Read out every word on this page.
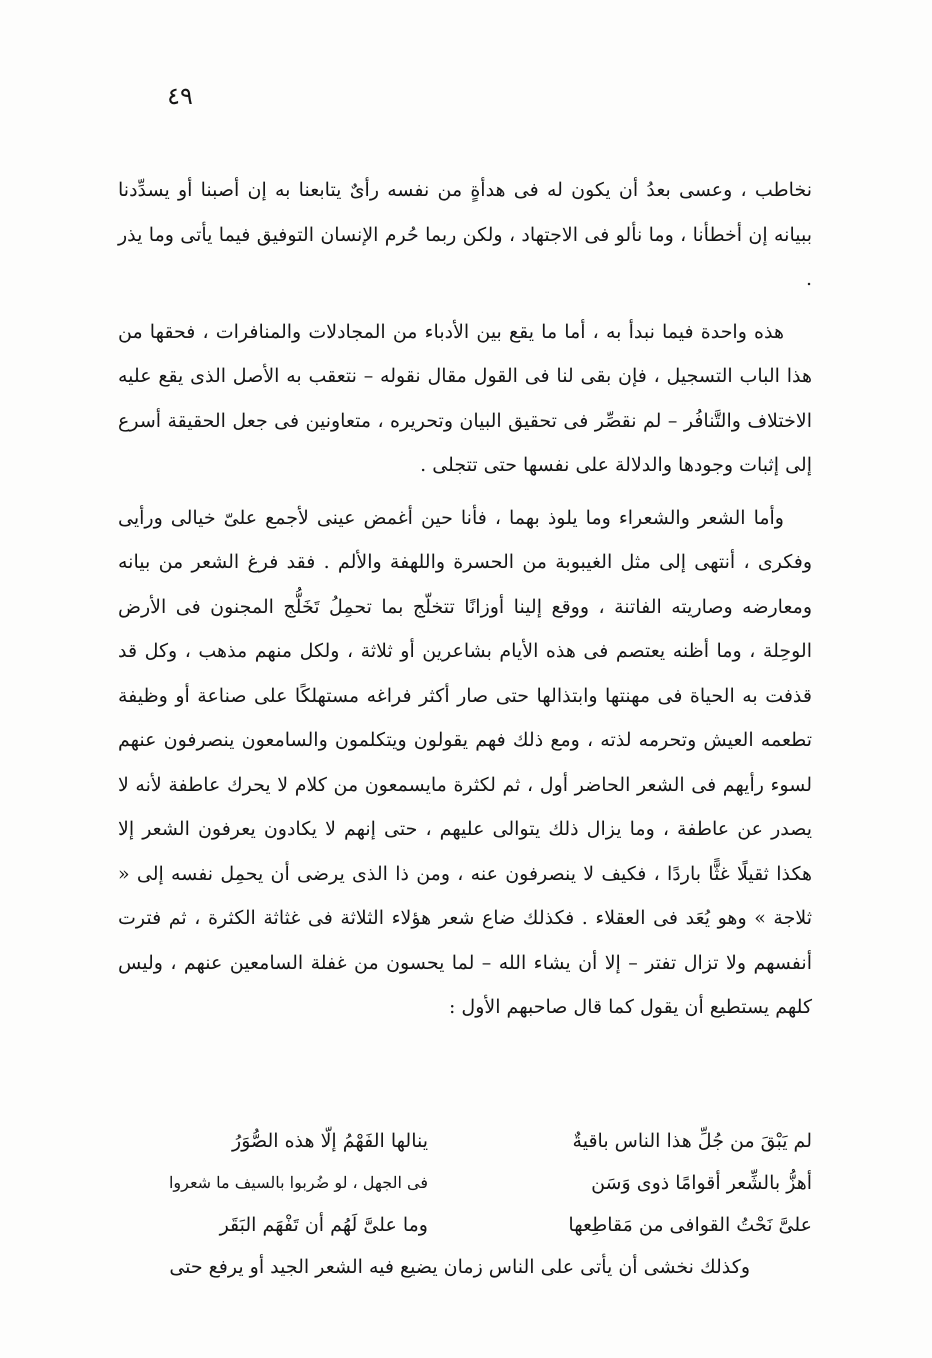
٤٩

نخاطب ، وعسى بعدُ أن يكون له فى هدأةٍ من نفسه رأىٌ يتابعنا به إن أصبنا أو يسدِّدنا ببيانه إن أخطأنا ، وما نألو فى الاجتهاد ، ولكن ربما حُرم الإنسان التوفيق فيما يأتى وما يذر .

هذه واحدة فيما نبدأ به ، أما ما يقع بين الأدباء من المجادلات والمنافرات ، فحقها من هذا الباب التسجيل ، فإن بقى لنا فى القول مقال نقوله – نتعقب به الأصل الذى يقع عليه الاختلاف والتَّنافُر – لم نقصِّر فى تحقيق البيان وتحريره ، متعاونين فى جعل الحقيقة أسرع إلى إثبات وجودها والدلالة على نفسها حتى تتجلى .

وأما الشعر والشعراء وما يلوذ بهما ، فأنا حين أغمض عينى لأجمع علىّ خيالى ورأيى وفكرى ، أنتهى إلى مثل الغيبوبة من الحسرة واللهفة والألم . فقد فرغ الشعر من بيانه ومعارضه وصاريته الفاتنة ، ووقع إلينا أوزانًا تتخلّج بما تحمِلُ تَخَلُّج المجنون فى الأرض الوحِلة ، وما أظنه يعتصم فى هذه الأيام بشاعرين أو ثلاثة ، ولكل منهم مذهب ، وكل قد قذفت به الحياة فى مهنتها وابتذالها حتى صار أكثر فراغه مستهلكًا على صناعة أو وظيفة تطعمه العيش وتحرمه لذته ، ومع ذلك فهم يقولون ويتكلمون والسامعون ينصرفون عنهم لسوء رأيهم فى الشعر الحاضر أول ، ثم لكثرة مايسمعون من كلام لا يحرك عاطفة لأنه لا يصدر عن عاطفة ، وما يزال ذلك يتوالى عليهم ، حتى إنهم لا يكادون يعرفون الشعر إلا هكذا ثقيلًا غثًّا باردًا ، فكيف لا ينصرفون عنه ، ومن ذا الذى يرضى أن يحمِل نفسه إلى « ثلاجة » وهو يُعَد فى العقلاء . فكذلك ضاع شعر هؤلاء الثلاثة فى غثاثة الكثرة ، ثم فترت أنفسهم ولا تزال تفتر – إلا أن يشاء الله – لما يحسون من غفلة السامعين عنهم ، وليس كلهم يستطيع أن يقول كما قال صاحبهم الأول :

لم يَبْقَ من جُلِّ هذا الناس باقيةٌ
ينالها الفَهْمُ إلّا هذه الصُّوَرُ
أهزُّ بالشِّعر أقوامًا ذوى وَسَن
فى الجهل ، لو ضُربوا بالسيف ما شعروا
علىَّ نَحْتُ القوافى من مَقاطِعها
وما علىَّ لَهُم أن تَفْهَم البَقَر

وكذلك نخشى أن يأتى على الناس زمان يضيع فيه الشعر الجيد أو يرفع حتى
